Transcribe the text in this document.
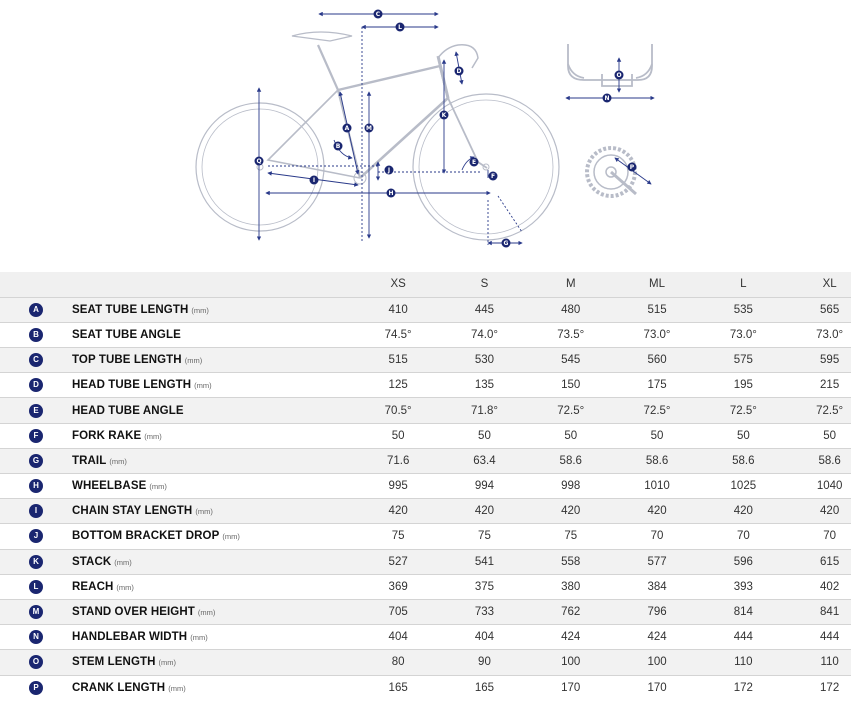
C
L
D
K
A	M
B
Q
J
E
F
I
H
G
O
N
P
		XS	S	M	ML	L	XL
A	SEAT TUBE LENGTH (mm)	410	445	480	515	535	565
B	SEAT TUBE ANGLE	74.5°	74.0°	73.5°	73.0°	73.0°	73.0°
C	TOP TUBE LENGTH (mm)	515	530	545	560	575	595
D	HEAD TUBE LENGTH (mm)	125	135	150	175	195	215
E	HEAD TUBE ANGLE	70.5°	71.8°	72.5°	72.5°	72.5°	72.5°
F	FORK RAKE (mm)	50	50	50	50	50	50
G	TRAIL (mm)	71.6	63.4	58.6	58.6	58.6	58.6
H	WHEELBASE (mm)	995	994	998	1010	1025	1040
I	CHAIN STAY LENGTH (mm)	420	420	420	420	420	420
J	BOTTOM BRACKET DROP (mm)	75	75	75	70	70	70
K	STACK (mm)	527	541	558	577	596	615
L	REACH (mm)	369	375	380	384	393	402
M	STAND OVER HEIGHT (mm)	705	733	762	796	814	841
N	HANDLEBAR WIDTH (mm)	404	404	424	424	444	444
O	STEM LENGTH (mm)	80	90	100	100	110	110
P	CRANK LENGTH (mm)	165	165	170	170	172	172
